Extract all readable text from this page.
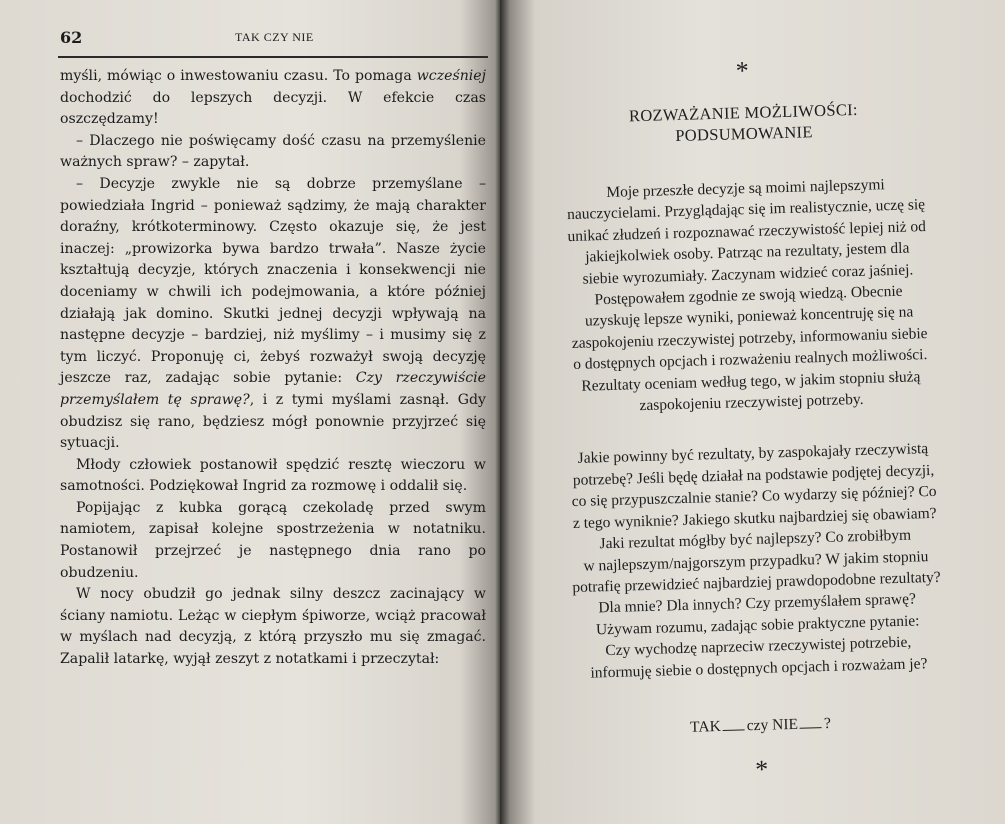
62	TAK CZY NIE

myśli, mówiąc o inwestowaniu czasu. To pomaga wcześniej dochodzić do lepszych decyzji. W efekcie czas oszczędzamy!

– Dlaczego nie poświęcamy dość czasu na przemyślenie ważnych spraw? – zapytał.

– Decyzje zwykle nie są dobrze przemyślane – powiedziała Ingrid – ponieważ sądzimy, że mają charakter doraźny, krótkoterminowy. Często okazuje się, że jest inaczej: „prowizorka bywa bardzo trwała”. Nasze życie kształtują decyzje, których znaczenia i konsekwencji nie doceniamy w chwili ich podejmowania, a które później działają jak domino. Skutki jednej decyzji wpływają na następne decyzje – bardziej, niż myślimy – i musimy się z tym liczyć. Proponuję ci, żebyś rozważył swoją decyzję jeszcze raz, zadając sobie pytanie: Czy rzeczywiście przemyślałem tę sprawę?, i z tymi myślami zasnął. Gdy obudzisz się rano, będziesz mógł ponownie przyjrzeć się sytuacji.

Młody człowiek postanowił spędzić resztę wieczoru w samotności. Podziękował Ingrid za rozmowę i oddalił się.

Popijając z kubka gorącą czekoladę przed swym namiotem, zapisał kolejne spostrzeżenia w notatniku. Postanowił przejrzeć je następnego dnia rano po obudzeniu.

W nocy obudził go jednak silny deszcz zacinający w ściany namiotu. Leżąc w ciepłym śpiworze, wciąż pracował w myślach nad decyzją, z którą przyszło mu się zmagać. Zapalił latarkę, wyjął zeszyt z notatkami i przeczytał:

*
ROZWAŻANIE MOŻLIWOŚCI:
PODSUMOWANIE

Moje przeszłe decyzje są moimi najlepszymi

nauczycielami. Przyglądając się im realistycznie, uczę się

unikać złudzeń i rozpoznawać rzeczywistość lepiej niż od

jakiejkolwiek osoby. Patrząc na rezultaty, jestem dla

siebie wyrozumiały. Zaczynam widzieć coraz jaśniej.

Postępowałem zgodnie ze swoją wiedzą. Obecnie

uzyskuję lepsze wyniki, ponieważ koncentruję się na

zaspokojeniu rzeczywistej potrzeby, informowaniu siebie

o dostępnych opcjach i rozważeniu realnych możliwości.

Rezultaty oceniam według tego, w jakim stopniu służą

zaspokojeniu rzeczywistej potrzeby.

Jakie powinny być rezultaty, by zaspokajały rzeczywistą

potrzebę? Jeśli będę działał na podstawie podjętej decyzji,

co się przypuszczalnie stanie? Co wydarzy się później? Co

z tego wyniknie? Jakiego skutku najbardziej się obawiam?

Jaki rezultat mógłby być najlepszy? Co zrobiłbym

w najlepszym/najgorszym przypadku? W jakim stopniu

potrafię przewidzieć najbardziej prawdopodobne rezultaty?

Dla mnie? Dla innych? Czy przemyślałem sprawę?

Używam rozumu, zadając sobie praktyczne pytanie:

Czy wychodzę naprzeciw rzeczywistej potrzebie,

informuję siebie o dostępnych opcjach i rozważam je?

TAK czy NIE ?
*
